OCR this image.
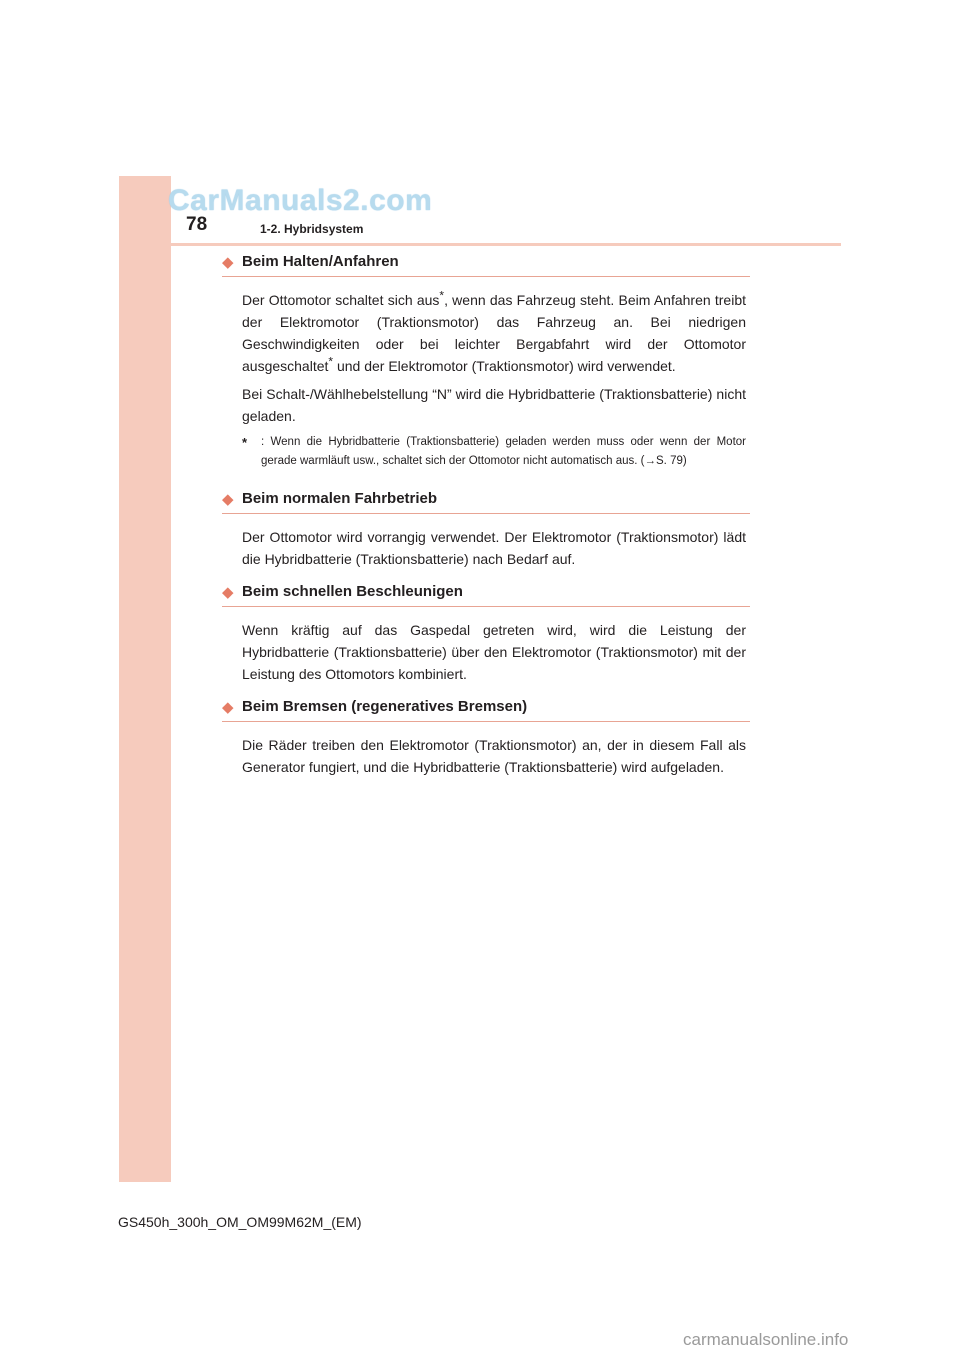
CarManuals2.com
78	1-2. Hybridsystem
◆ Beim Halten/Anfahren

Der Ottomotor schaltet sich aus*, wenn das Fahrzeug steht. Beim Anfahren treibt der Elektromotor (Traktionsmotor) das Fahrzeug an. Bei niedrigen Geschwindigkeiten oder bei leichter Bergabfahrt wird der Ottomotor ausgeschaltet* und der Elektromotor (Traktionsmotor) wird verwendet.

Bei Schalt-/Wählhebelstellung “N” wird die Hybridbatterie (Traktionsbatterie) nicht geladen.

* : Wenn die Hybridbatterie (Traktionsbatterie) geladen werden muss oder wenn der Motor gerade warmläuft usw., schaltet sich der Ottomotor nicht automatisch aus. (→S. 79)
◆ Beim normalen Fahrbetrieb

Der Ottomotor wird vorrangig verwendet. Der Elektromotor (Traktionsmotor) lädt die Hybridbatterie (Traktionsbatterie) nach Bedarf auf.

◆ Beim schnellen Beschleunigen

Wenn kräftig auf das Gaspedal getreten wird, wird die Leistung der Hybridbatterie (Traktionsbatterie) über den Elektromotor (Traktionsmotor) mit der Leistung des Ottomotors kombiniert.

◆ Beim Bremsen (regeneratives Bremsen)

Die Räder treiben den Elektromotor (Traktionsmotor) an, der in diesem Fall als Generator fungiert, und die Hybridbatterie (Traktionsbatterie) wird aufgeladen.

GS450h_300h_OM_OM99M62M_(EM)
carmanualsonline.info
